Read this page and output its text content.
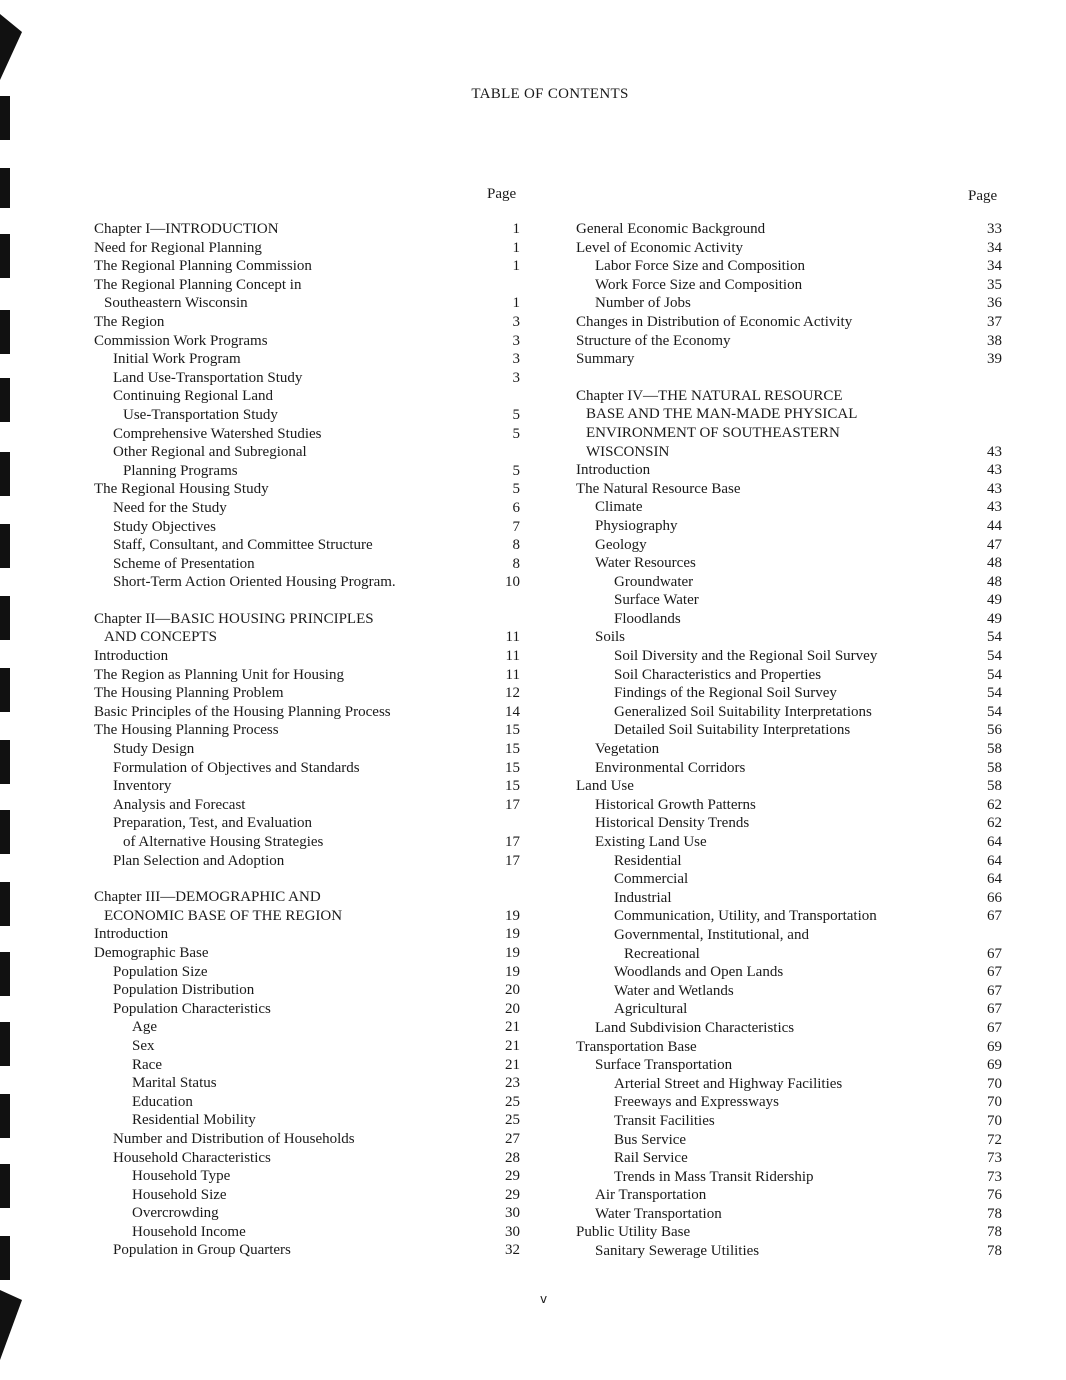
TABLE OF CONTENTS
Page	Page
Chapter I—INTRODUCTION	1
Need for Regional Planning	1
The Regional Planning Commission	1
The Regional Planning Concept in
Southeastern Wisconsin	1
The Region	3
Commission Work Programs	3
Initial Work Program	3
Land Use-Transportation Study	3
Continuing Regional Land
Use-Transportation Study	5
Comprehensive Watershed Studies	5
Other Regional and Subregional
Planning Programs	5
The Regional Housing Study	5
Need for the Study	6
Study Objectives	7
Staff, Consultant, and Committee Structure	8
Scheme of Presentation	8
Short-Term Action Oriented Housing Program.	10
Chapter II—BASIC HOUSING PRINCIPLES
AND CONCEPTS	11
Introduction	11
The Region as Planning Unit for Housing	11
The Housing Planning Problem	12
Basic Principles of the Housing Planning Process	14
The Housing Planning Process	15
Study Design	15
Formulation of Objectives and Standards	15
Inventory	15
Analysis and Forecast	17
Preparation, Test, and Evaluation
of Alternative Housing Strategies	17
Plan Selection and Adoption	17
Chapter III—DEMOGRAPHIC AND
ECONOMIC BASE OF THE REGION	19
Introduction	19
Demographic Base	19
Population Size	19
Population Distribution	20
Population Characteristics	20
Age	21
Sex	21
Race	21
Marital Status	23
Education	25
Residential Mobility	25
Number and Distribution of Households	27
Household Characteristics	28
Household Type	29
Household Size	29
Overcrowding	30
Household Income	30
Population in Group Quarters	32
General Economic Background	33
Level of Economic Activity	34
Labor Force Size and Composition	34
Work Force Size and Composition	35
Number of Jobs	36
Changes in Distribution of Economic Activity	37
Structure of the Economy	38
Summary	39
Chapter IV—THE NATURAL RESOURCE
BASE AND THE MAN-MADE PHYSICAL
ENVIRONMENT OF SOUTHEASTERN
WISCONSIN	43
Introduction	43
The Natural Resource Base	43
Climate	43
Physiography	44
Geology	47
Water Resources	48
Groundwater	48
Surface Water	49
Floodlands	49
Soils	54
Soil Diversity and the Regional Soil Survey	54
Soil Characteristics and Properties	54
Findings of the Regional Soil Survey	54
Generalized Soil Suitability Interpretations	54
Detailed Soil Suitability Interpretations	56
Vegetation	58
Environmental Corridors	58
Land Use	58
Historical Growth Patterns	62
Historical Density Trends	62
Existing Land Use	64
Residential	64
Commercial	64
Industrial	66
Communication, Utility, and Transportation	67
Governmental, Institutional, and
Recreational	67
Woodlands and Open Lands	67
Water and Wetlands	67
Agricultural	67
Land Subdivision Characteristics	67
Transportation Base	69
Surface Transportation	69
Arterial Street and Highway Facilities	70
Freeways and Expressways	70
Transit Facilities	70
Bus Service	72
Rail Service	73
Trends in Mass Transit Ridership	73
Air Transportation	76
Water Transportation	78
Public Utility Base	78
Sanitary Sewerage Utilities	78
v
